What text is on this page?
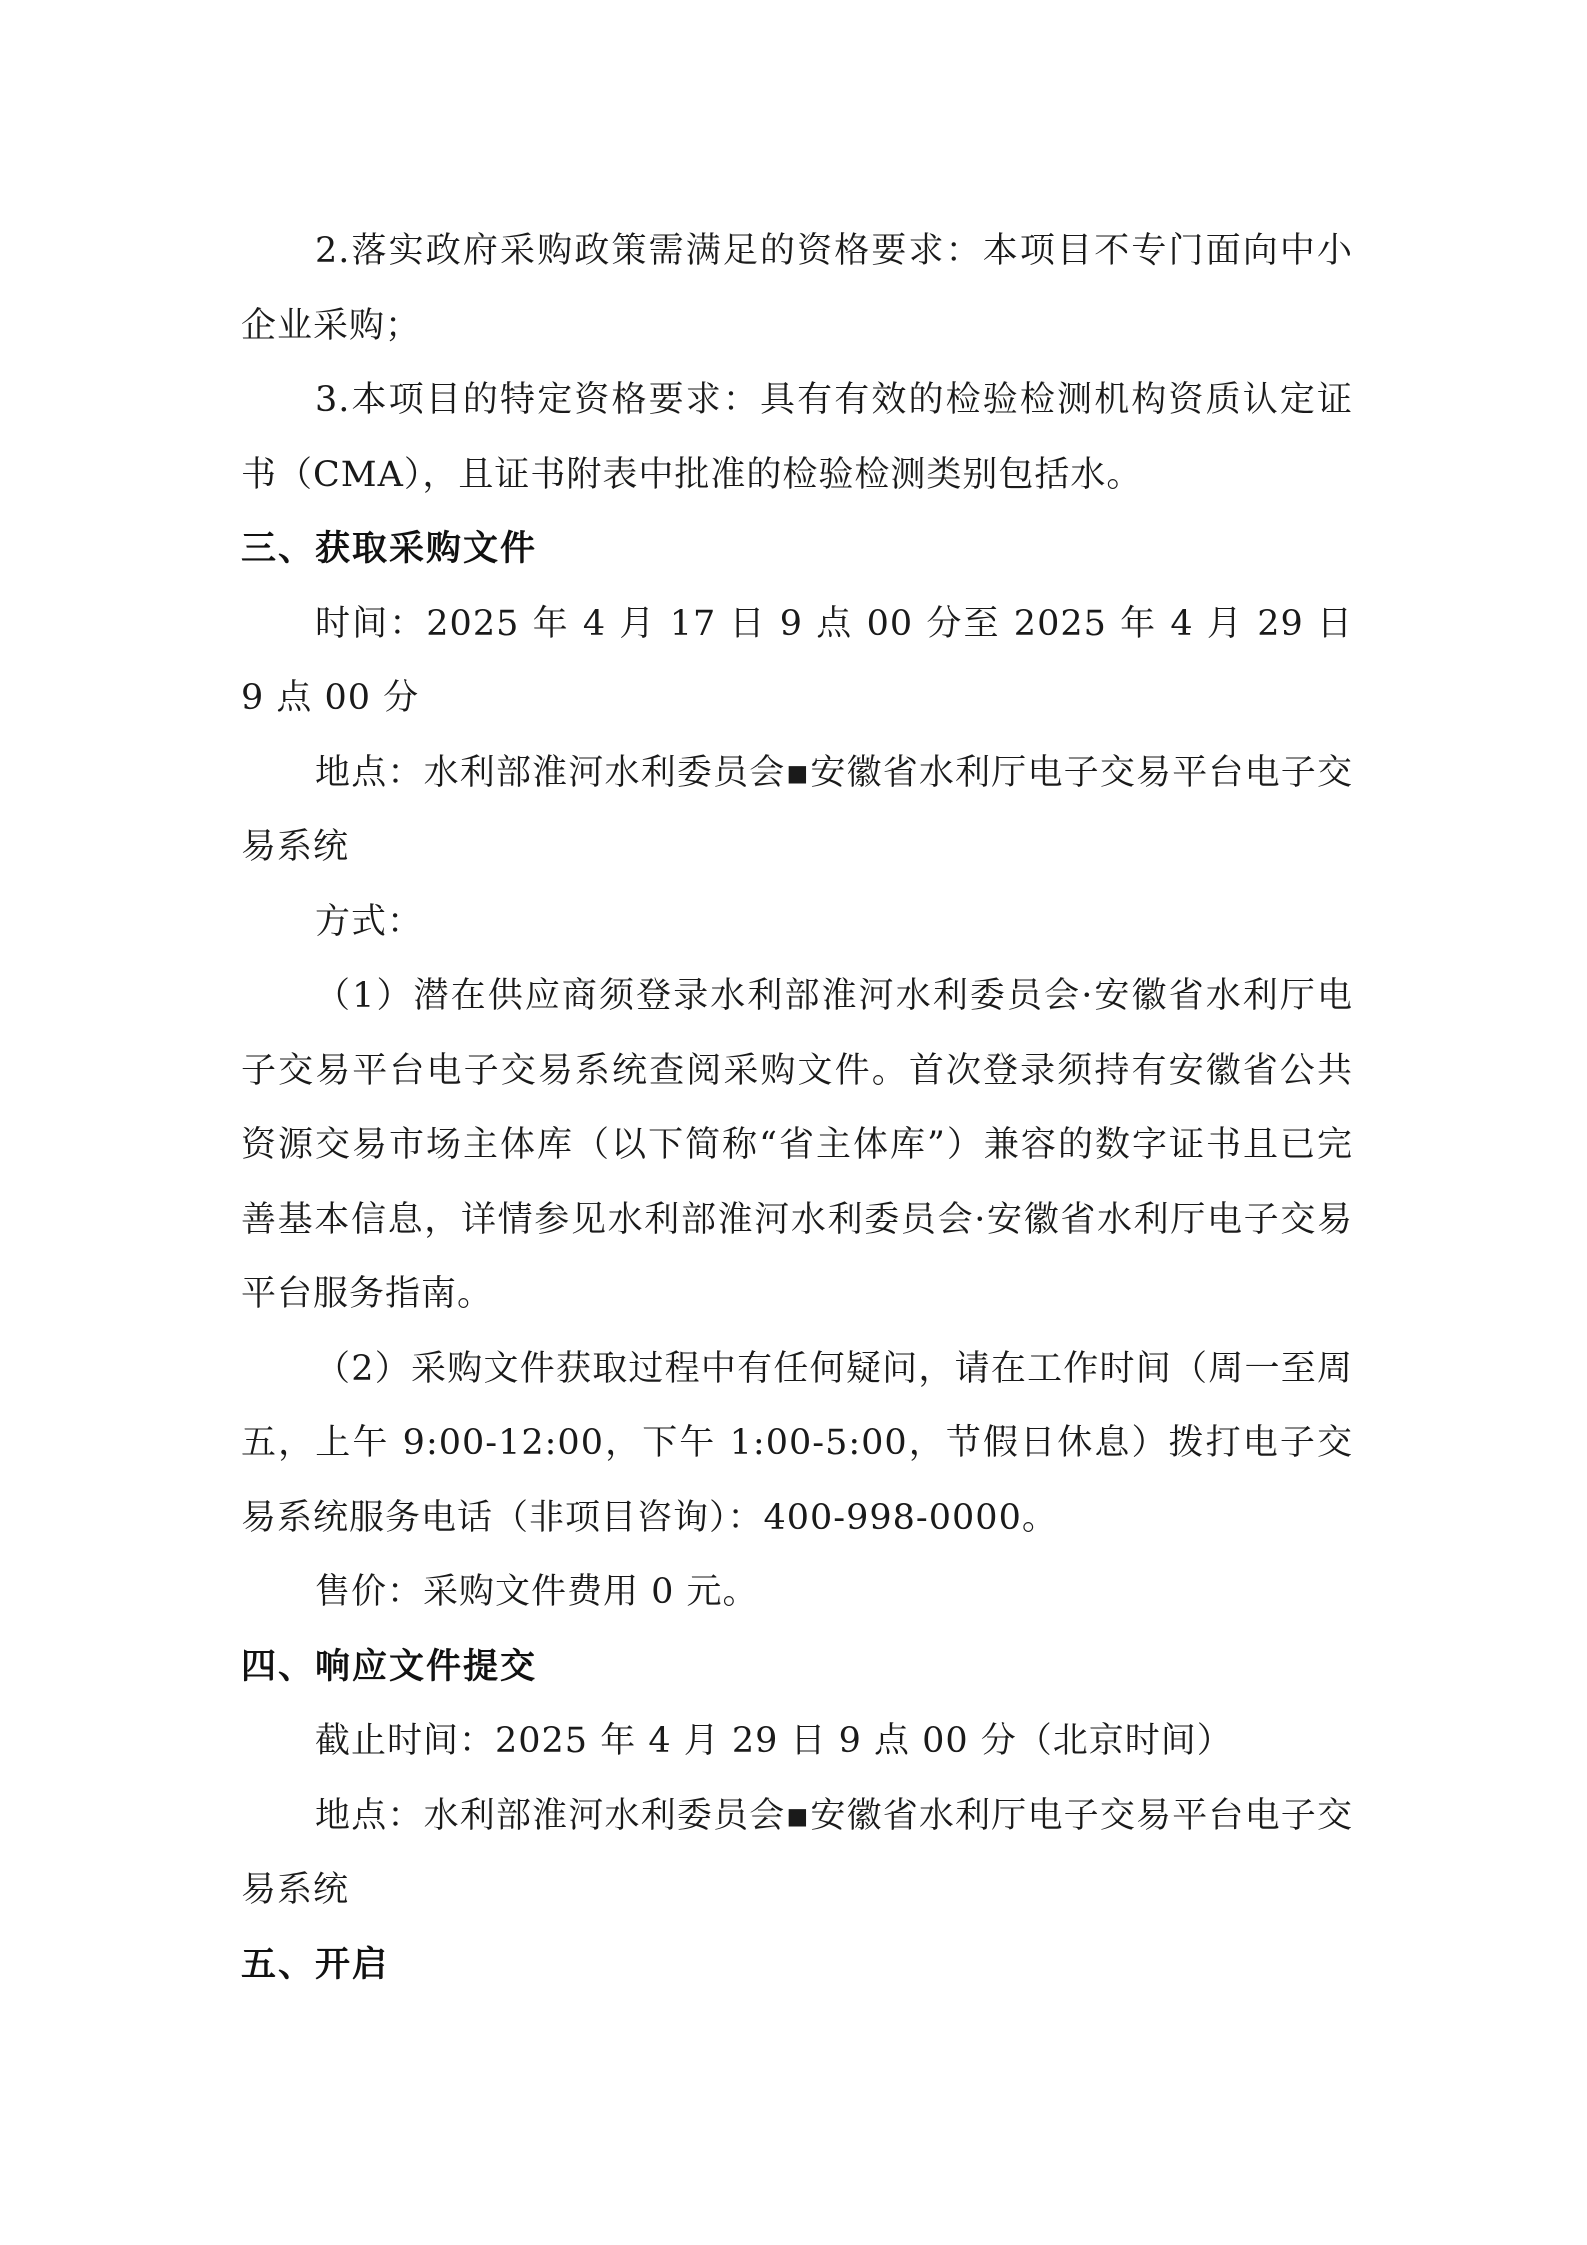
2.落实政府采购政策需满足的资格要求：本项目不专门面向中小企业采购；

3.本项目的特定资格要求：具有有效的检验检测机构资质认定证书（CMA），且证书附表中批准的检验检测类别包括水。

三、获取采购文件

时间：2025 年 4 月 17 日 9 点 00 分至 2025 年 4 月 29 日 9 点 00 分

地点：水利部淮河水利委员会▪安徽省水利厅电子交易平台电子交易系统

方式：

（1）潜在供应商须登录水利部淮河水利委员会·安徽省水利厅电子交易平台电子交易系统查阅采购文件。首次登录须持有安徽省公共资源交易市场主体库（以下简称“省主体库”）兼容的数字证书且已完善基本信息，详情参见水利部淮河水利委员会·安徽省水利厅电子交易平台服务指南。

（2）采购文件获取过程中有任何疑问，请在工作时间（周一至周五，上午 9:00-12:00，下午 1:00-5:00，节假日休息）拨打电子交易系统服务电话（非项目咨询）：400-998-0000。

售价：采购文件费用 0 元。

四、响应文件提交

截止时间：2025 年 4 月 29 日 9 点 00 分（北京时间）

地点：水利部淮河水利委员会▪安徽省水利厅电子交易平台电子交易系统

五、开启
